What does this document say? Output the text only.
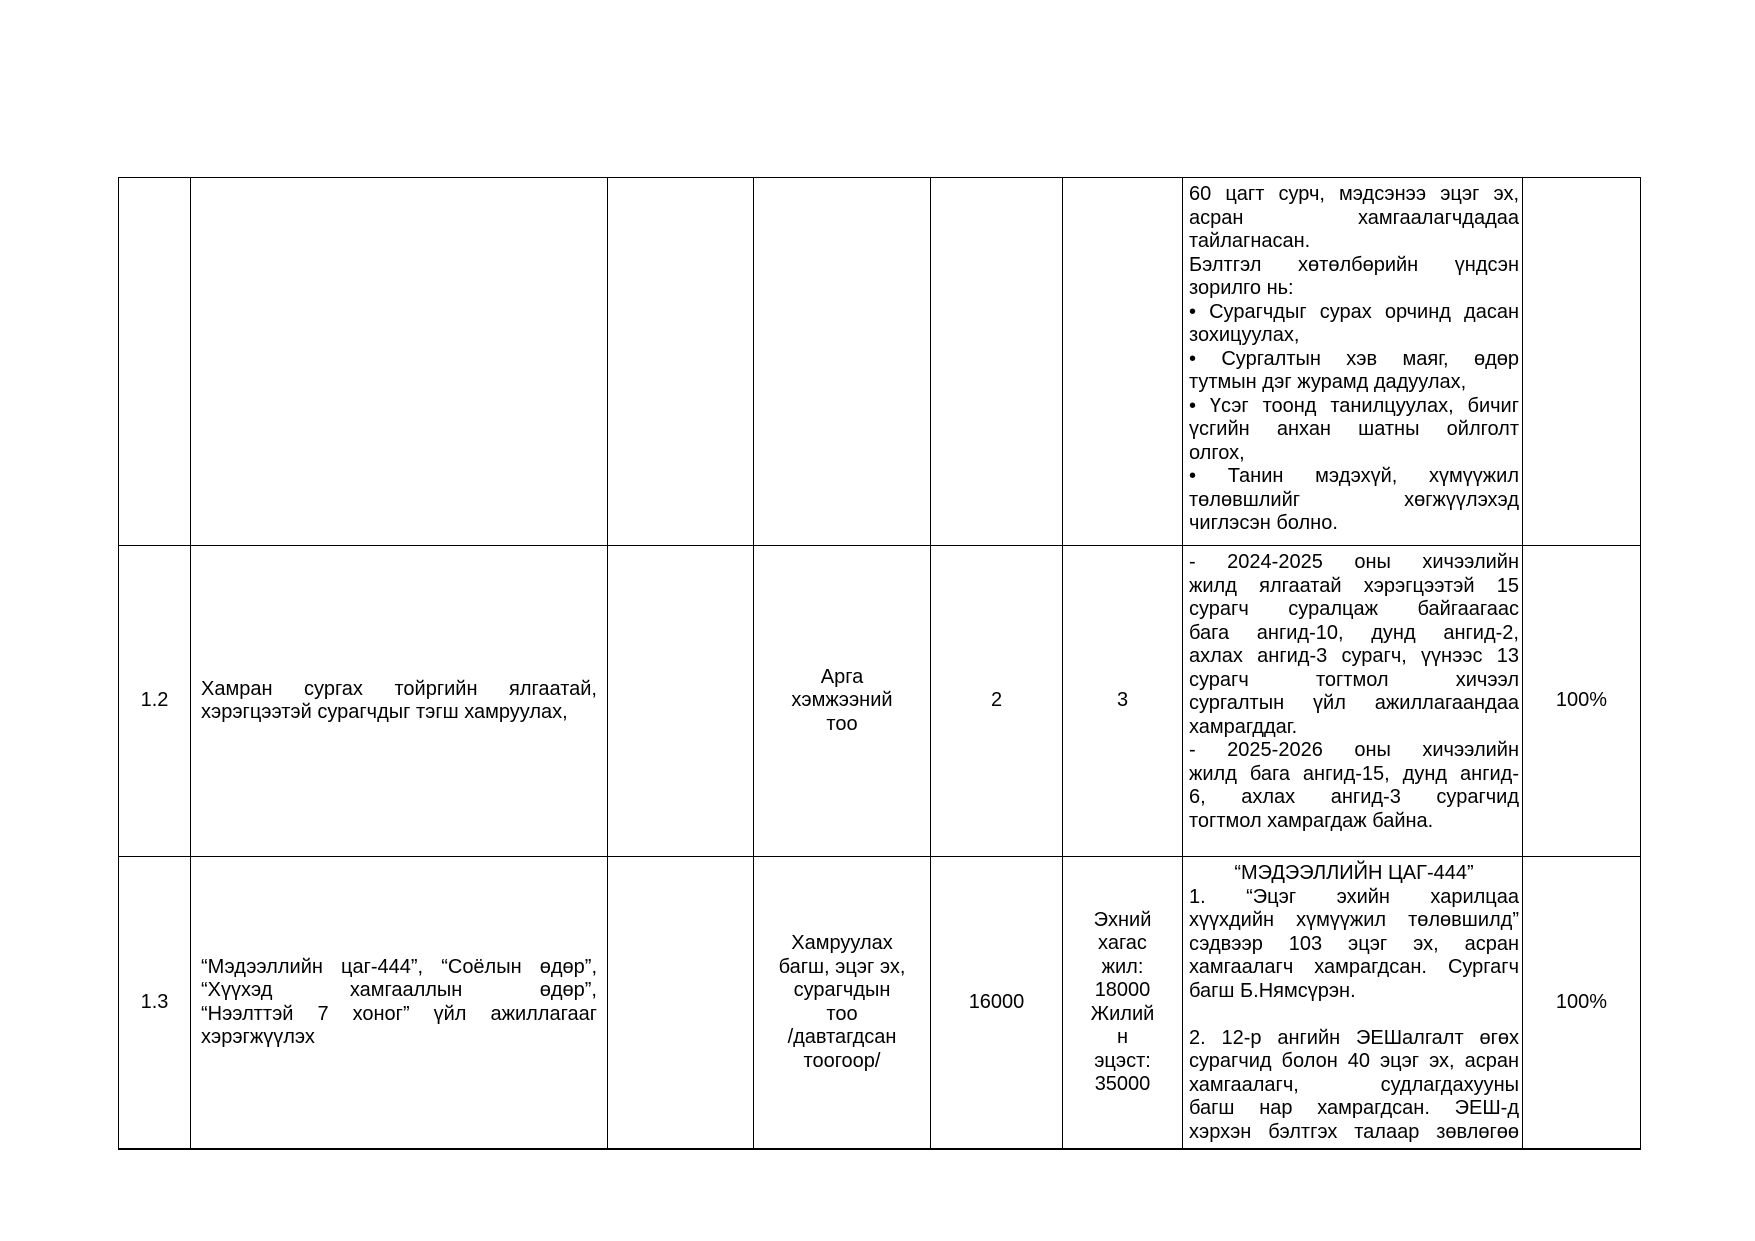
60 цагт сурч, мэдсэнээ эцэг эх,
асран хамгаалагчдадаа
тайлагнасан.
Бэлтгэл хөтөлбөрийн үндсэн
зорилго нь:
• Сурагчдыг сурах орчинд дасан
зохицуулах,
• Сургалтын хэв маяг, өдөр
тутмын дэг журамд дадуулах,
• Үсэг тоонд танилцуулах, бичиг
үсгийн анхан шатны ойлголт
олгох,
• Танин мэдэхүй, хүмүүжил
төлөвшлийг хөгжүүлэхэд
чиглэсэн болно.
1.2
Хамран сургах тойргийн ялгаатай,
хэрэгцээтэй сурагчдыг тэгш хамруулах,
Арга
хэмжээний
тоо
2	3
- 2024-2025 оны хичээлийн
жилд ялгаатай хэрэгцээтэй 15
сурагч суралцаж байгаагаас
бага ангид-10, дунд ангид-2,
ахлах ангид-3 сурагч, үүнээс 13
сурагч тогтмол хичээл
сургалтын үйл ажиллагаандаа
хамрагддаг.
- 2025-2026 оны хичээлийн
жилд бага ангид-15, дунд ангид-
6, ахлах ангид-3 сурагчид
тогтмол хамрагдаж байна.
100%
1.3
“Мэдээллийн цаг-444”, “Соёлын өдөр”,
“Хүүхэд хамгааллын өдөр”,
“Нээлттэй 7 хоног” үйл ажиллагааг
хэрэгжүүлэх
Хамруулах
багш, эцэг эх,
сурагчдын
тоо
/давтагдсан
тоогоор/
16000
Эхний
хагас
жил:
18000
Жилий
н
эцэст:
35000
“МЭДЭЭЛЛИЙН ЦАГ-444”
1. “Эцэг эхийн харилцаа
хүүхдийн хүмүүжил төлөвшилд”
сэдвээр 103 эцэг эх, асран
хамгаалагч хамрагдсан. Сургагч
багш Б.Нямсүрэн.

2. 12-р ангийн ЭЕШалгалт өгөх
сурагчид болон 40 эцэг эх, асран
хамгаалагч, судлагдахууны
багш нар хамрагдсан. ЭЕШ-д
хэрхэн бэлтгэх талаар зөвлөгөө
100%
